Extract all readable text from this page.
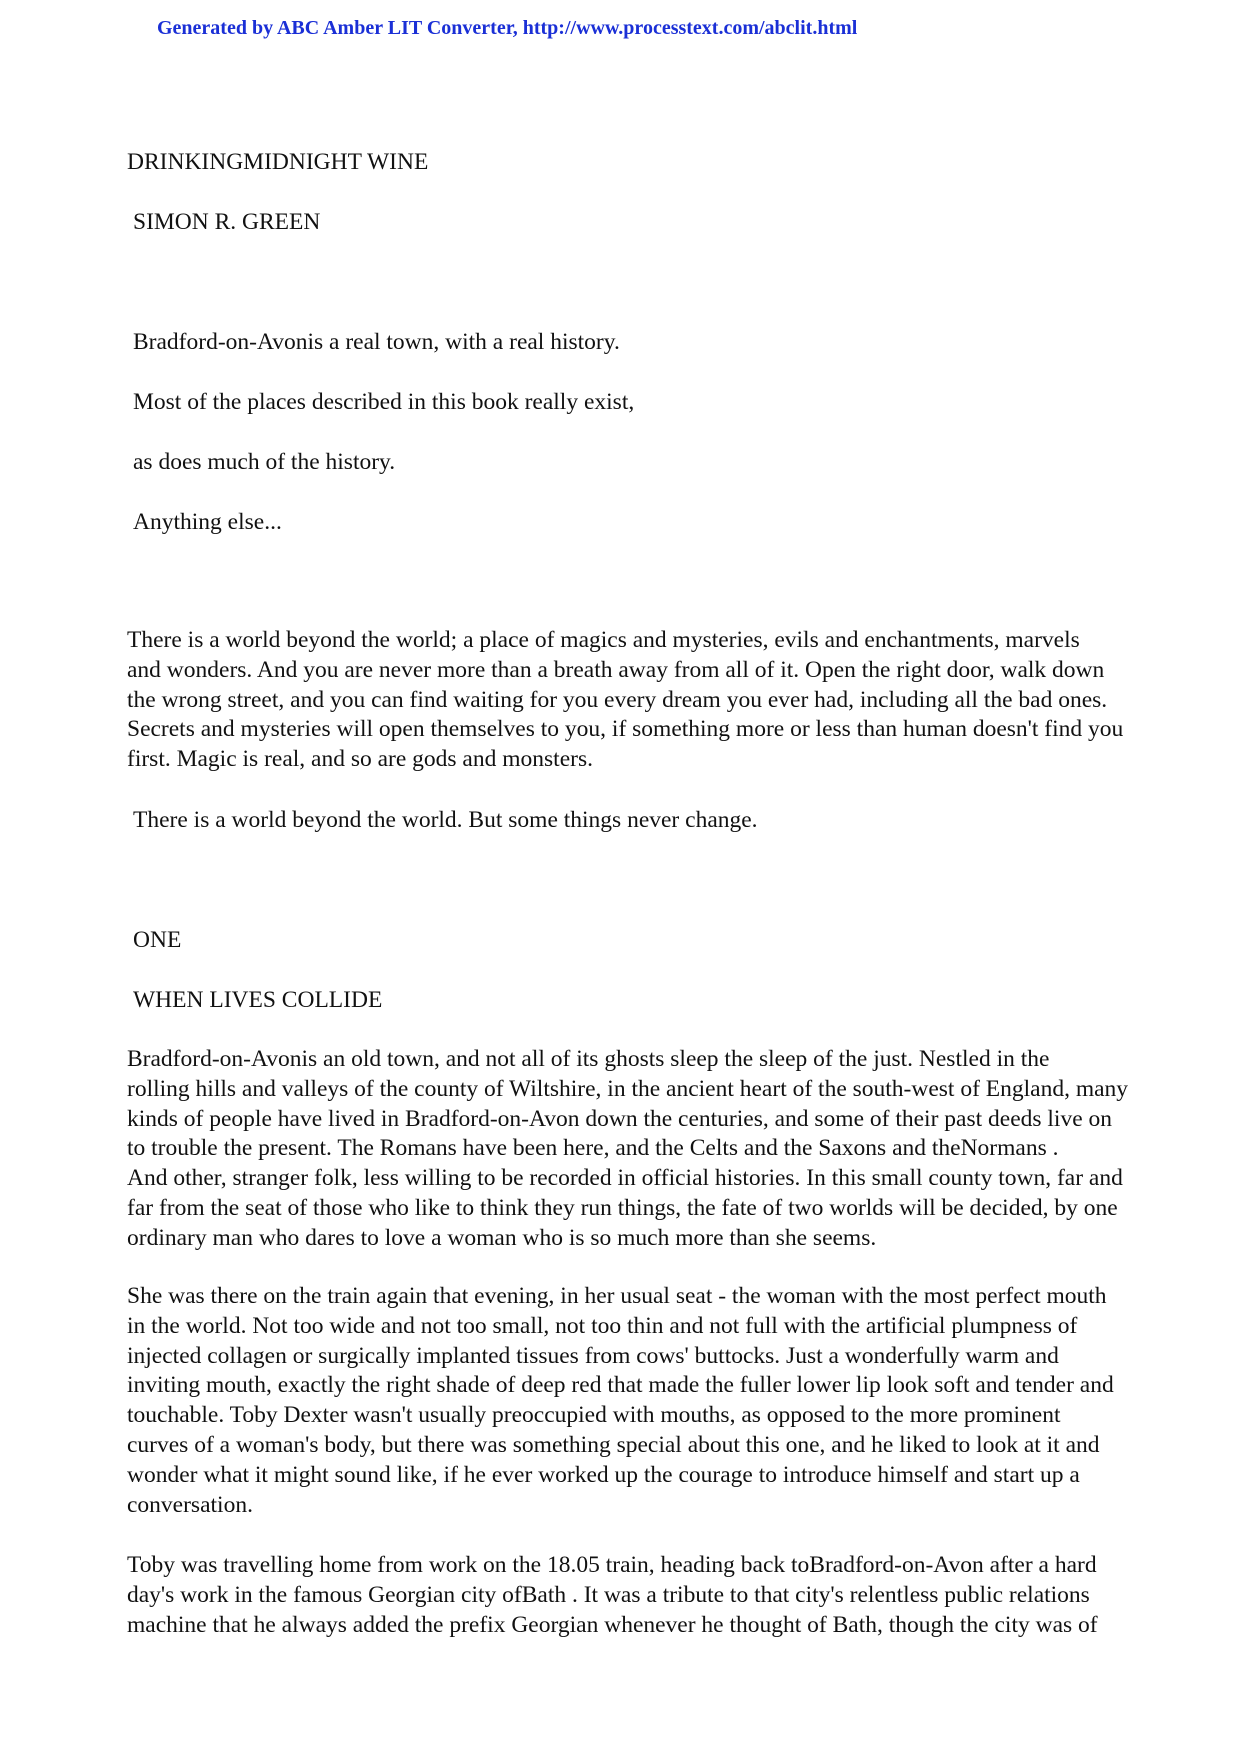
Generated by ABC Amber LIT Converter, http://www.processtext.com/abclit.html
DRINKINGMIDNIGHT WINE
SIMON R. GREEN
Bradford-on-Avonis a real town, with a real history.
Most of the places described in this book really exist,
as does much of the history.
Anything else...
There is a world beyond the world; a place of magics and mysteries, evils and enchantments, marvels
and wonders. And you are never more than a breath away from all of it. Open the right door, walk down
the wrong street, and you can find waiting for you every dream you ever had, including all the bad ones.
Secrets and mysteries will open themselves to you, if something more or less than human doesn't find you
first. Magic is real, and so are gods and monsters.
There is a world beyond the world. But some things never change.
ONE
WHEN LIVES COLLIDE
Bradford-on-Avonis an old town, and not all of its ghosts sleep the sleep of the just. Nestled in the
rolling hills and valleys of the county of Wiltshire, in the ancient heart of the south-west of England, many
kinds of people have lived in Bradford-on-Avon down the centuries, and some of their past deeds live on
to trouble the present. The Romans have been here, and the Celts and the Saxons and theNormans .
And other, stranger folk, less willing to be recorded in official histories. In this small county town, far and
far from the seat of those who like to think they run things, the fate of two worlds will be decided, by one
ordinary man who dares to love a woman who is so much more than she seems.
She was there on the train again that evening, in her usual seat - the woman with the most perfect mouth
in the world. Not too wide and not too small, not too thin and not full with the artificial plumpness of
injected collagen or surgically implanted tissues from cows' buttocks. Just a wonderfully warm and
inviting mouth, exactly the right shade of deep red that made the fuller lower lip look soft and tender and
touchable. Toby Dexter wasn't usually preoccupied with mouths, as opposed to the more prominent
curves of a woman's body, but there was something special about this one, and he liked to look at it and
wonder what it might sound like, if he ever worked up the courage to introduce himself and start up a
conversation.
Toby was travelling home from work on the 18.05 train, heading back toBradford-on-Avon after a hard
day's work in the famous Georgian city ofBath . It was a tribute to that city's relentless public relations
machine that he always added the prefix Georgian whenever he thought of Bath, though the city was of
